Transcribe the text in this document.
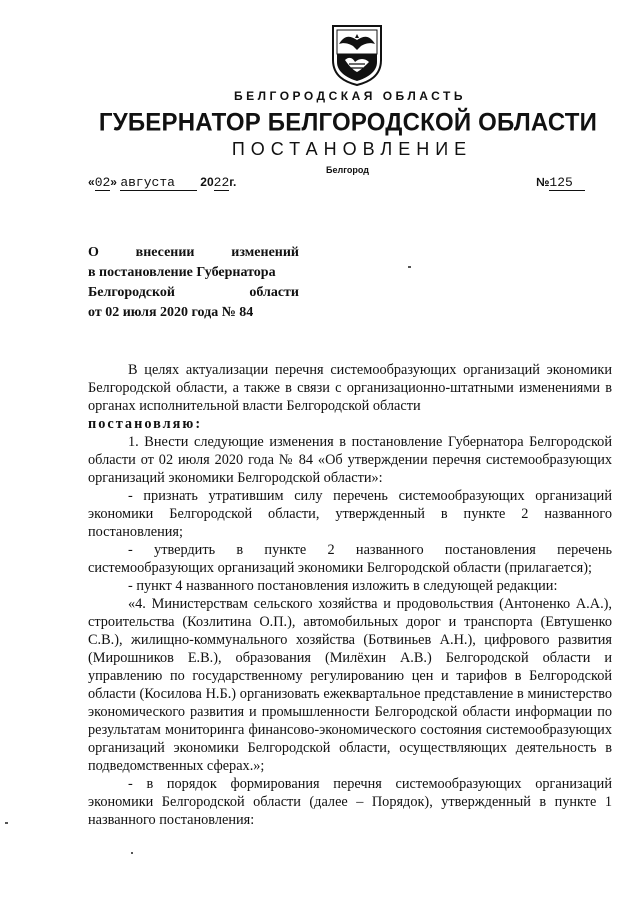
БЕЛГОРОДСКАЯ ОБЛАСТЬ
ГУБЕРНАТОР БЕЛГОРОДСКОЙ ОБЛАСТИ
ПОСТАНОВЛЕНИЕ
Белгород
«02» августа 2022г.	№125
О внесении изменений
в постановление Губернатора
Белгородской области
от 02 июля 2020 года № 84

В целях актуализации перечня системообразующих организаций экономики Белгородской области, а также в связи с организационно-штатными изменениями в органах исполнительной власти Белгородской области

постановляю:

1. Внести следующие изменения в постановление Губернатора Белгородской области от 02 июля 2020 года № 84 «Об утверждении перечня системообразующих организаций экономики Белгородской области»:

- признать утратившим силу перечень системообразующих организаций экономики Белгородской области, утвержденный в пункте 2 названного постановления;

- утвердить в пункте 2 названного постановления перечень системообразующих организаций экономики Белгородской области (прилагается);

- пункт 4 названного постановления изложить в следующей редакции:

«4. Министерствам сельского хозяйства и продовольствия (Антоненко А.А.), строительства (Козлитина О.П.), автомобильных дорог и транспорта (Евтушенко С.В.), жилищно-коммунального хозяйства (Ботвиньев А.Н.), цифрового развития (Мирошников Е.В.), образования (Милёхин А.В.) Белгородской области и управлению по государственному регулированию цен и тарифов в Белгородской области (Косилова Н.Б.) организовать ежеквартальное представление в министерство экономического развития и промышленности Белгородской области информации по результатам мониторинга финансово-экономического состояния системообразующих организаций экономики Белгородской области, осуществляющих деятельность в подведомственных сферах.»;

- в порядок формирования перечня системообразующих организаций экономики Белгородской области (далее – Порядок), утвержденный в пункте 1 названного постановления:
